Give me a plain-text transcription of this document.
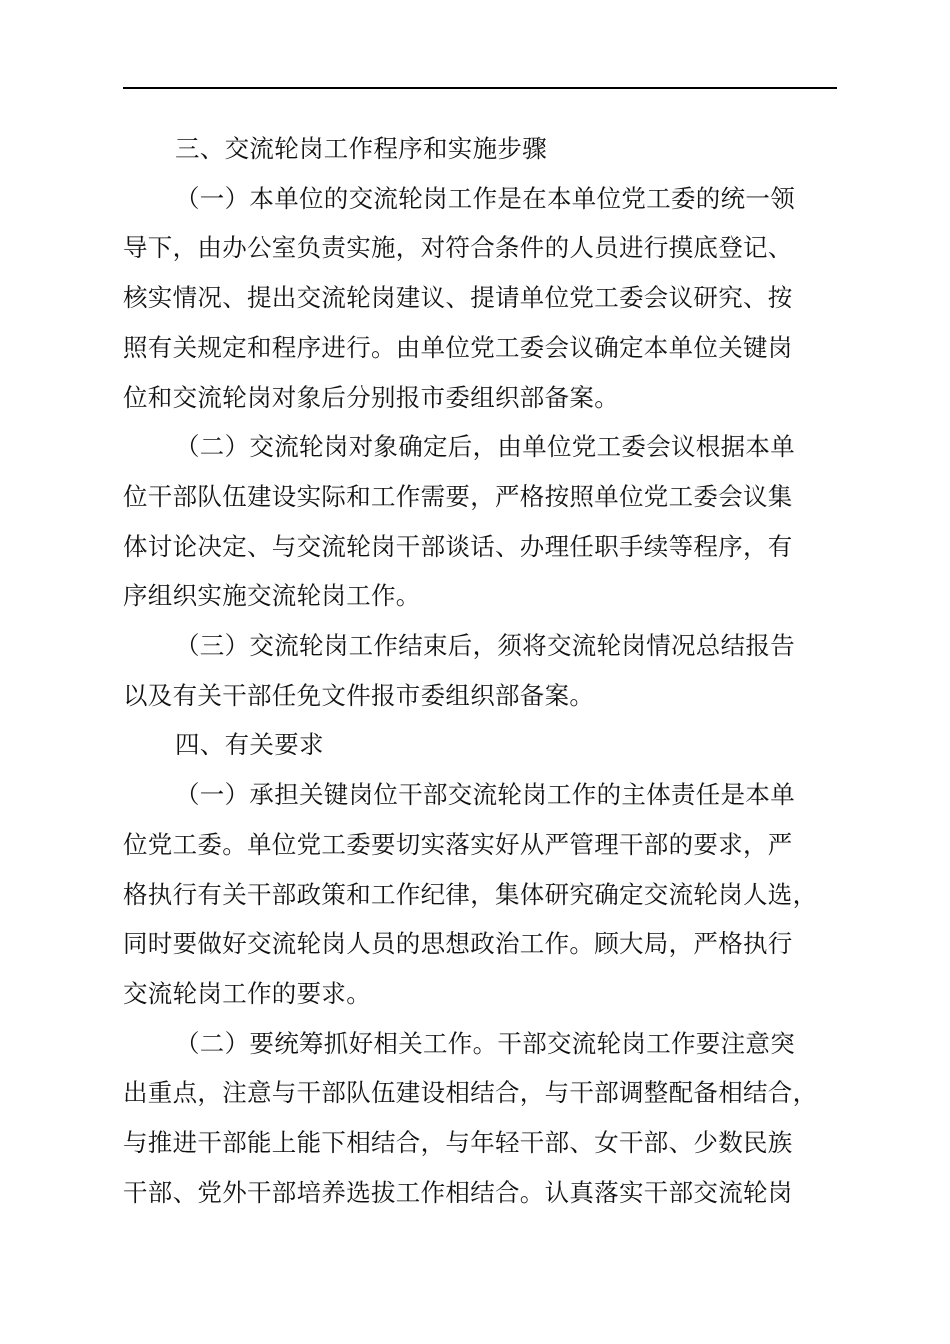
三、交流轮岗工作程序和实施步骤
（一）本单位的交流轮岗工作是在本单位党工委的统一领
导下，由办公室负责实施，对符合条件的人员进行摸底登记、
核实情况、提出交流轮岗建议、提请单位党工委会议研究、按
照有关规定和程序进行。由单位党工委会议确定本单位关键岗
位和交流轮岗对象后分别报市委组织部备案。
（二）交流轮岗对象确定后，由单位党工委会议根据本单
位干部队伍建设实际和工作需要，严格按照单位党工委会议集
体讨论决定、与交流轮岗干部谈话、办理任职手续等程序，有
序组织实施交流轮岗工作。
（三）交流轮岗工作结束后，须将交流轮岗情况总结报告
以及有关干部任免文件报市委组织部备案。
四、有关要求
（一）承担关键岗位干部交流轮岗工作的主体责任是本单
位党工委。单位党工委要切实落实好从严管理干部的要求，严
格执行有关干部政策和工作纪律，集体研究确定交流轮岗人选，
同时要做好交流轮岗人员的思想政治工作。顾大局，严格执行
交流轮岗工作的要求。
（二）要统筹抓好相关工作。干部交流轮岗工作要注意突
出重点，注意与干部队伍建设相结合，与干部调整配备相结合，
与推进干部能上能下相结合，与年轻干部、女干部、少数民族
干部、党外干部培养选拔工作相结合。认真落实干部交流轮岗
